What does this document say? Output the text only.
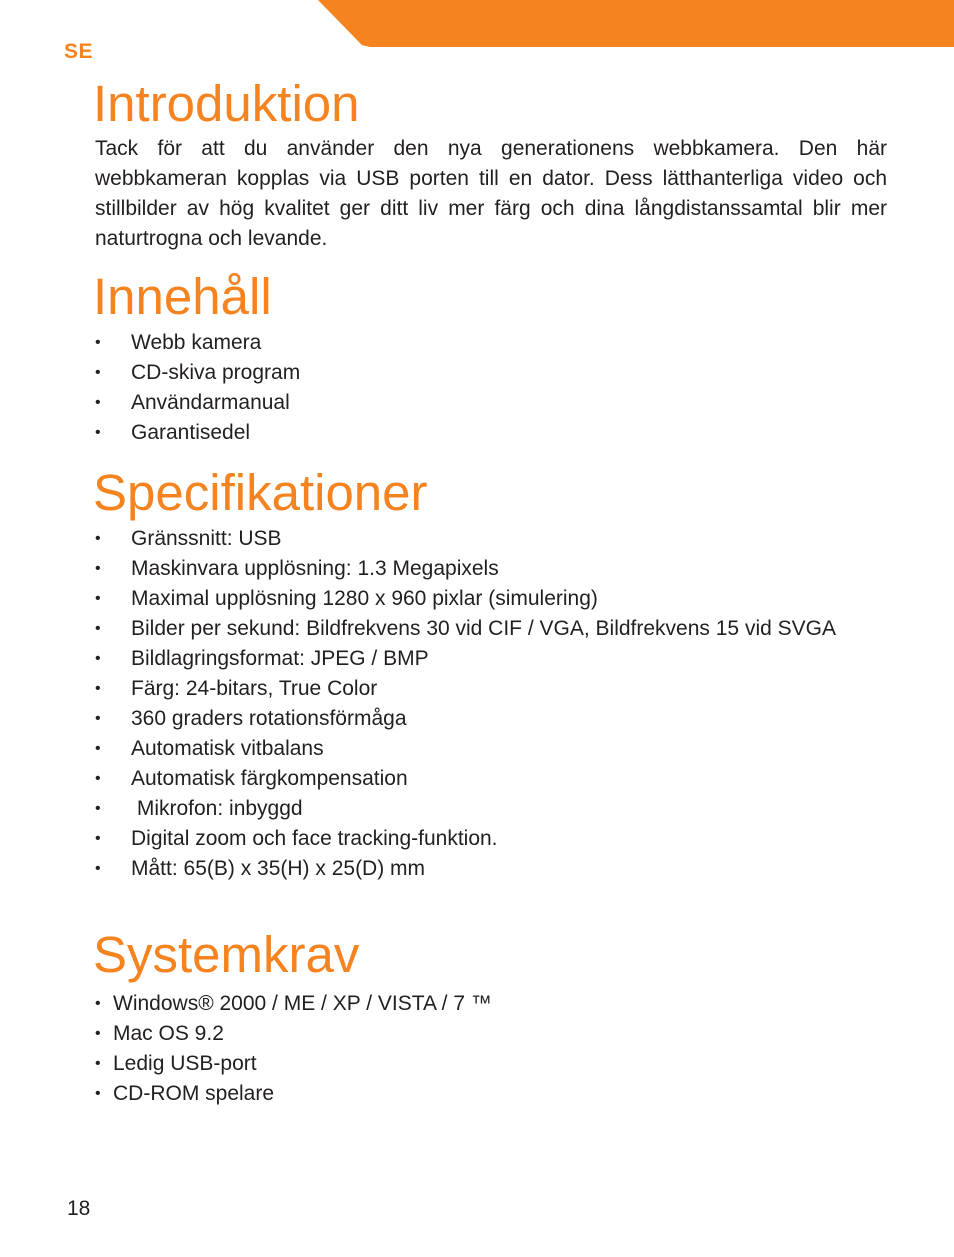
SE
Introduktion

Tack för att du använder den nya generationens webbkamera. Den här webbkameran kopplas via USB porten till en dator. Dess lätthanterliga video och stillbilder av hög kvalitet ger ditt liv mer färg och dina långdistanssamtal blir mer naturtrogna och levande.

Innehåll
• Webb kamera
• CD-skiva program
• Användarmanual
• Garantisedel
Specifikationer
• Gränssnitt: USB
• Maskinvara upplösning: 1.3 Megapixels
• Maximal upplösning 1280 x 960 pixlar (simulering)
• Bilder per sekund: Bildfrekvens 30 vid CIF / VGA, Bildfrekvens 15 vid SVGA
• Bildlagringsformat: JPEG / BMP
• Färg: 24-bitars, True Color
• 360 graders rotationsförmåga
• Automatisk vitbalans
• Automatisk färgkompensation
•  Mikrofon: inbyggd
• Digital zoom och face tracking-funktion.
• Mått: 65(B) x 35(H) x 25(D) mm
Systemkrav
• Windows® 2000 / ME / XP / VISTA / 7 ™
• Mac OS 9.2
• Ledig USB-port
• CD-ROM spelare
18
